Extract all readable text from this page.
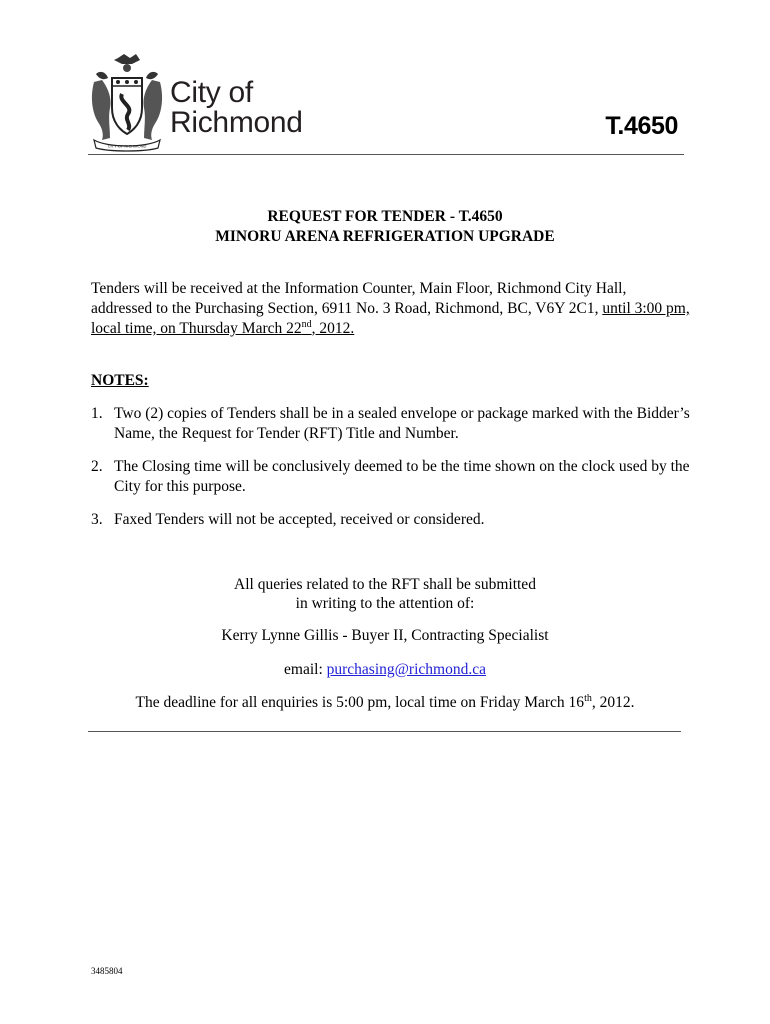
CITY OF RICHMOND
City of
Richmond	T.4650
REQUEST FOR TENDER - T.4650
MINORU ARENA REFRIGERATION UPGRADE
Tenders will be received at the Information Counter, Main Floor, Richmond City Hall, addressed to the Purchasing Section, 6911 No. 3 Road, Richmond, BC, V6Y 2C1, until 3:00 pm, local time, on Thursday March 22nd, 2012.
NOTES:
1. Two (2) copies of Tenders shall be in a sealed envelope or package marked with the Bidder’s Name, the Request for Tender (RFT) Title and Number.
2. The Closing time will be conclusively deemed to be the time shown on the clock used by the City for this purpose.
3. Faxed Tenders will not be accepted, received or considered.
All queries related to the RFT shall be submitted
in writing to the attention of:
Kerry Lynne Gillis - Buyer II, Contracting Specialist
email: purchasing@richmond.ca
The deadline for all enquiries is 5:00 pm, local time on Friday March 16th, 2012.
3485804
